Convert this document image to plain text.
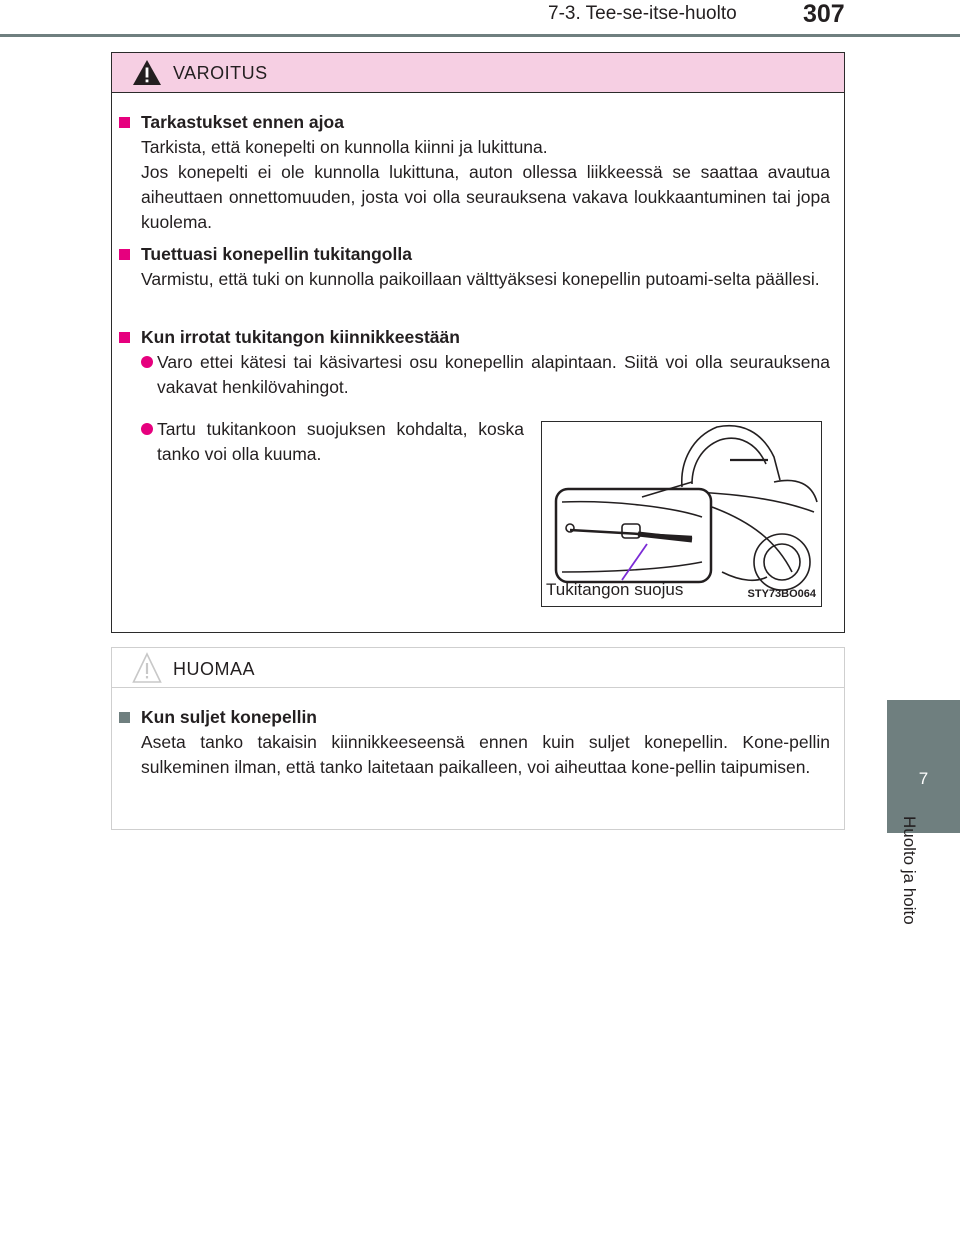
7-3. Tee-se-itse-huolto	307
7
Huolto ja hoito
VAROITUS
Tarkastukset ennen ajoa
Tarkista, että konepelti on kunnolla kiinni ja lukittuna.
Jos konepelti ei ole kunnolla lukittuna, auton ollessa liikkeessä se saattaa avautua aiheuttaen onnettomuuden, josta voi olla seurauksena vakava loukkaantuminen tai jopa kuolema.
Tuettuasi konepellin tukitangolla
Varmistu, että tuki on kunnolla paikoillaan välttyäksesi konepellin putoami-selta päällesi.
Kun irrotat tukitangon kiinnikkeestään
Varo ettei kätesi tai käsivartesi osu konepellin alapintaan. Siitä voi olla seurauksena vakavat henkilövahingot.
Tartu tukitankoon suojuksen kohdalta, koska tanko voi olla kuuma.
Tukitangon suojus	STY73BO064
HUOMAA
Kun suljet konepellin
Aseta tanko takaisin kiinnikkeeseensä ennen kuin suljet konepellin. Kone-pellin sulkeminen ilman, että tanko laitetaan paikalleen, voi aiheuttaa kone-pellin taipumisen.
